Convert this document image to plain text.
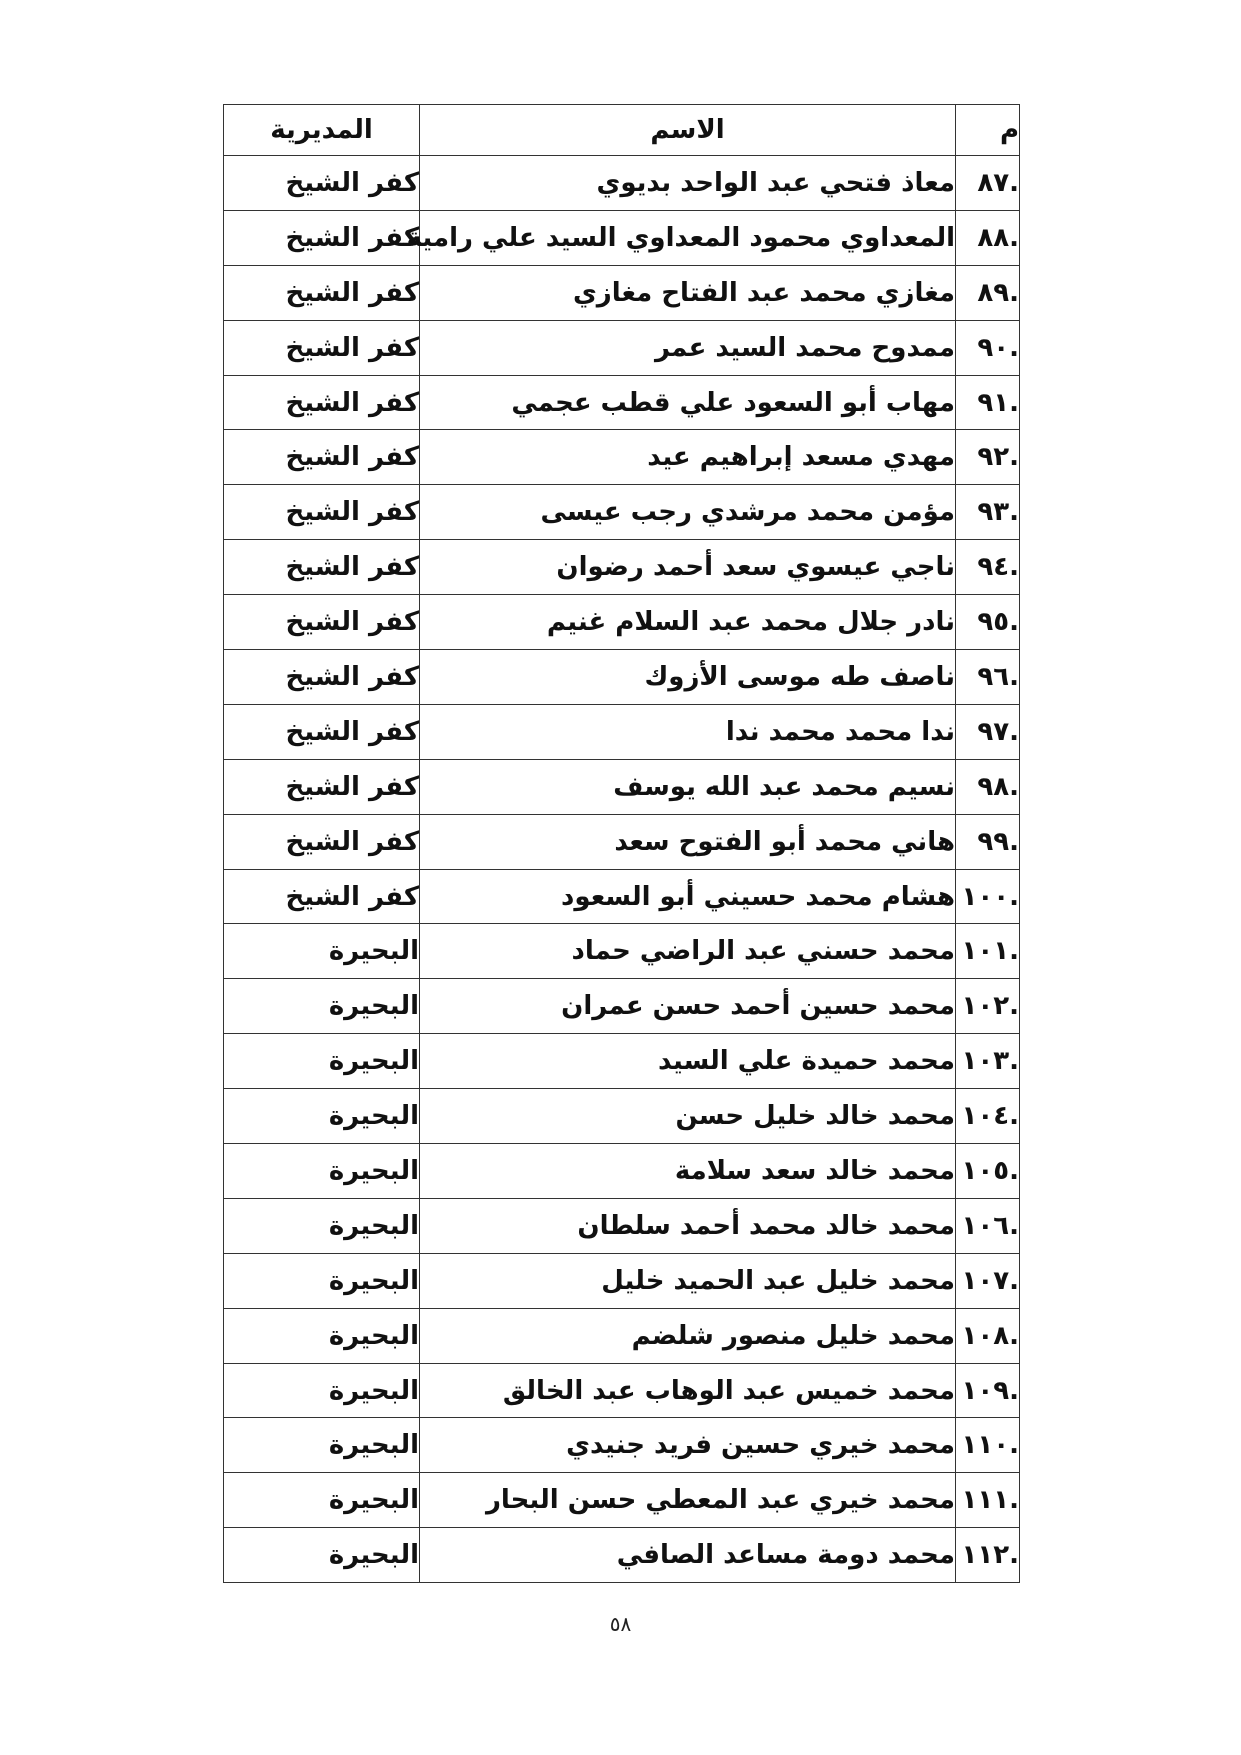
م	الاسم	المديرية
.٨٧	معاذ فتحي عبد الواحد بديوي	كفر الشيخ
.٨٨	المعداوي محمود المعداوي السيد علي رامية	كفر الشيخ
.٨٩	مغازي محمد عبد الفتاح مغازي	كفر الشيخ
.٩٠	ممدوح محمد السيد عمر	كفر الشيخ
.٩١	مهاب أبو السعود علي قطب عجمي	كفر الشيخ
.٩٢	مهدي مسعد إبراهيم عيد	كفر الشيخ
.٩٣	مؤمن محمد مرشدي رجب عيسى	كفر الشيخ
.٩٤	ناجي عيسوي سعد أحمد رضوان	كفر الشيخ
.٩٥	نادر جلال محمد عبد السلام غنيم	كفر الشيخ
.٩٦	ناصف طه موسى الأزوك	كفر الشيخ
.٩٧	ندا محمد محمد ندا	كفر الشيخ
.٩٨	نسيم محمد عبد الله يوسف	كفر الشيخ
.٩٩	هاني محمد أبو الفتوح سعد	كفر الشيخ
.١٠٠	هشام محمد حسيني أبو السعود	كفر الشيخ
.١٠١	محمد حسني عبد الراضي حماد	البحيرة
.١٠٢	محمد حسين أحمد حسن عمران	البحيرة
.١٠٣	محمد حميدة علي السيد	البحيرة
.١٠٤	محمد خالد خليل حسن	البحيرة
.١٠٥	محمد خالد سعد سلامة	البحيرة
.١٠٦	محمد خالد محمد أحمد سلطان	البحيرة
.١٠٧	محمد خليل عبد الحميد خليل	البحيرة
.١٠٨	محمد خليل منصور شلضم	البحيرة
.١٠٩	محمد خميس عبد الوهاب عبد الخالق	البحيرة
.١١٠	محمد خيري حسين فريد جنيدي	البحيرة
.١١١	محمد خيري عبد المعطي حسن البحار	البحيرة
.١١٢	محمد دومة مساعد الصافي	البحيرة
٥٨
